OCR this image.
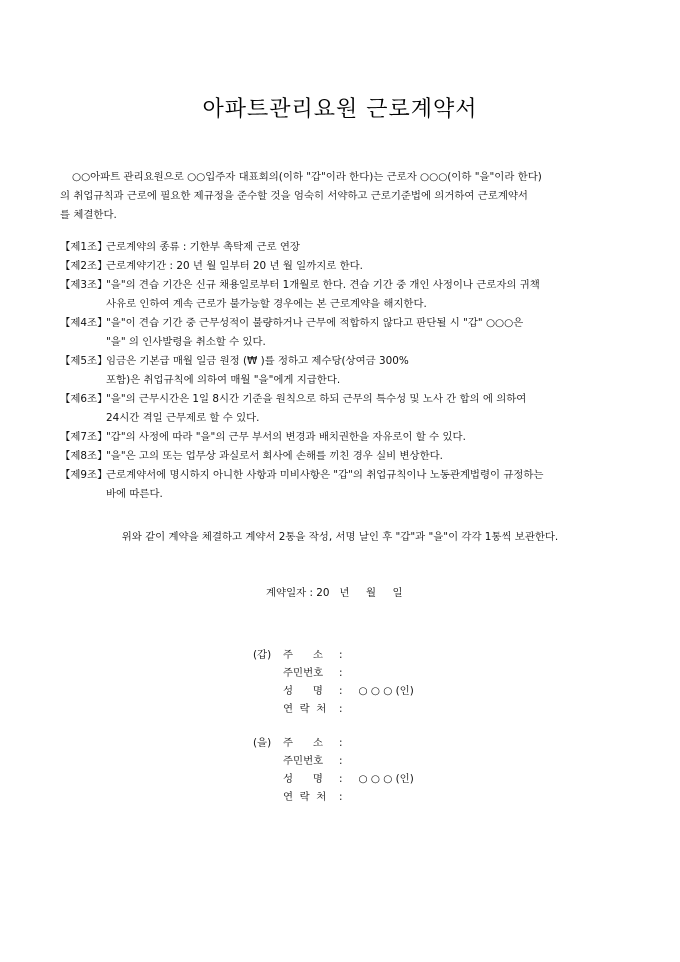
아파트관리요원 근로계약서
○○아파트 관리요원으로 ○○입주자 대표회의(이하 "갑"이라 한다)는 근로자 ○○○(이하 "을"이라 한다)
의 취업규칙과 근로에 필요한 제규정을 준수할 것을 엄숙히 서약하고 근로기준법에 의거하여 근로계약서
를 체결한다.
【제1조】
근로계약의 종류 : 기한부 촉탁제 근로 연장
【제2조】
근로계약기간 : 20 년 월 일부터 20 년 월 일까지로 한다.
【제3조】
"을"의 견습 기간은 신규 채용일로부터 1개월로 한다. 견습 기간 중 개인 사정이나 근로자의 귀책
사유로 인하여 계속 근로가 불가능할 경우에는 본 근로계약을 해지한다.
【제4조】
"을"이 견습 기간 중 근무성적이 불량하거나 근무에 적합하지 않다고 판단될 시 "갑" ○○○은
"을" 의 인사발령을 취소할 수 있다.
【제5조】
임금은 기본급 매월 일금 원정 (₩ )를 정하고 제수당(상여금 300%
포함)은 취업규칙에 의하여 매월 "을"에게 지급한다.
【제6조】
"을"의 근무시간은 1일 8시간 기준을 원칙으로 하되 근무의 특수성 및 노사 간 합의 에 의하여
24시간 격일 근무제로 할 수 있다.
【제7조】
"갑"의 사정에 따라 "을"의 근무 부서의 변경과 배치권한을 자유로이 할 수 있다.
【제8조】
"을"은 고의 또는 업무상 과실로서 회사에 손해를 끼친 경우 실비 변상한다.
【제9조】
근로계약서에 명시하지 아니한 사항과 미비사항은 "갑"의 취업규칙이나 노동관계법령이 규정하는
바에 따른다.
위와 같이 계약을 체결하고 계약서 2통을 작성, 서명 날인 후 "갑"과 "을"이 각각 1통씩 보관한다.
계약일자 : 20   년     월     일
(갑) 주      소	:
주민번호	:
성      명	:	○ ○ ○ (인)
연  락  처	:
(을) 주      소	:
주민번호	:
성      명	:	○ ○ ○ (인)
연  락  처	:
